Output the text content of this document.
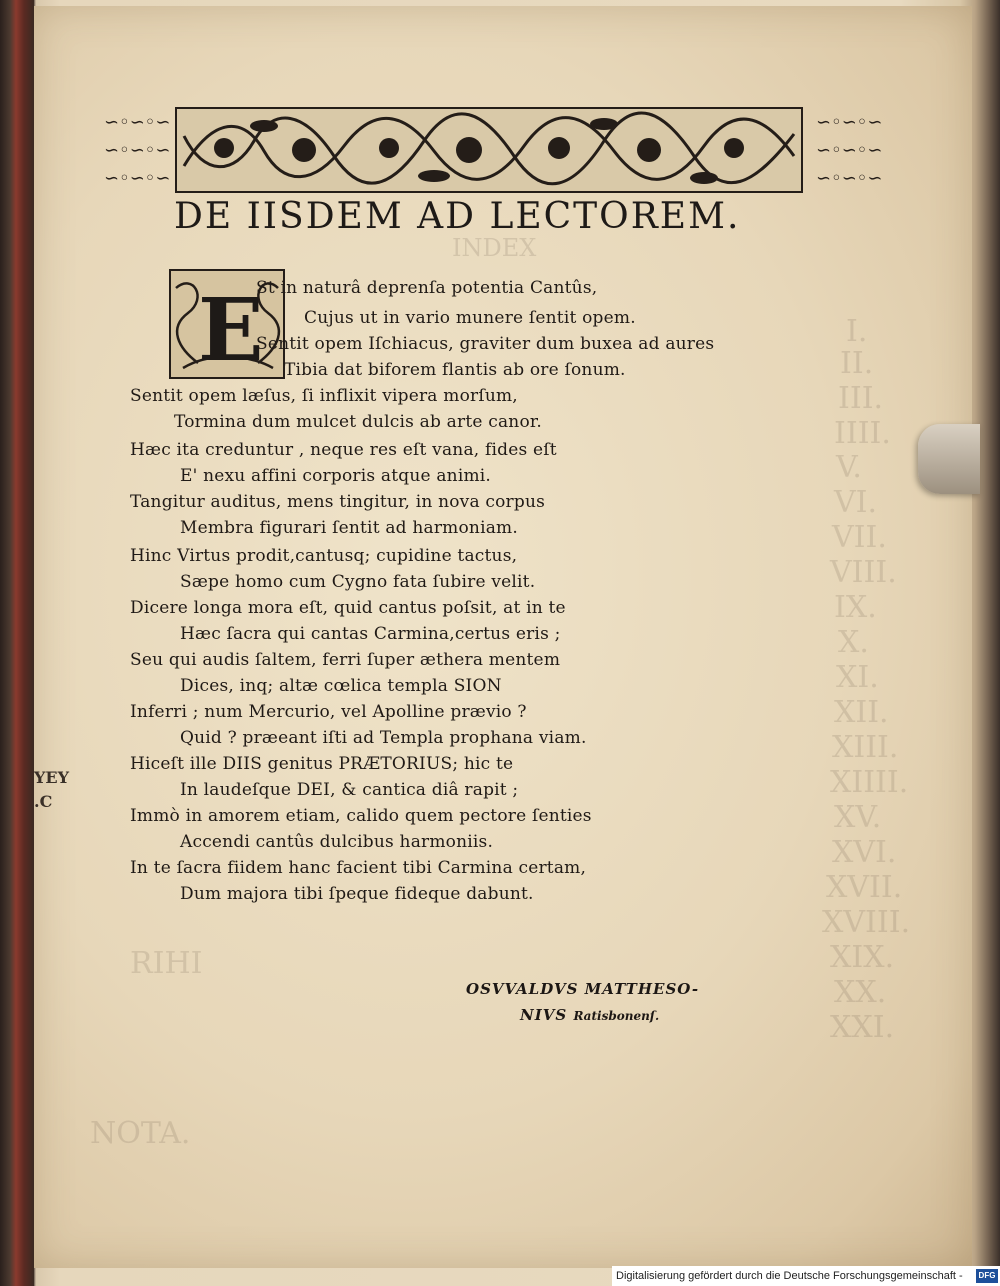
INDEX
I.
II.
III.
IIII.
V.
VI.
VII.
VIII.
IX.
X.
XI.
XII.
XIII.
XIIII.
XV.
XVI.
XVII.
XVIII.
XIX.
XX.
XXI.
RIHI
NOTA.
YEY
.C
∽◦∽◦∽
∽◦∽◦∽
∽◦∽◦∽
∽◦∽◦∽
∽◦∽◦∽
∽◦∽◦∽
DE IISDEM AD LECTOREM.
E
St in naturâ deprenſa potentia Cantûs,
Cujus ut in vario munere ſentit opem.
Sentit opem Iſchiacus, graviter dum buxea ad aures
Tibia dat biforem flantis ab ore ſonum.
Sentit opem læſus, ſi inflixit vipera morſum,
Tormina dum mulcet dulcis ab arte canor.
Hæc ita creduntur , neque res eſt vana, fides eſt
E' nexu affini corporis atque animi.
Tangitur auditus, mens tingitur, in nova corpus
Membra figurari ſentit ad harmoniam.
Hinc Virtus prodit,cantusq; cupidine tactus,
Sæpe homo cum Cygno fata ſubire velit.
Dicere longa mora eſt, quid cantus poſsit, at in te
Hæc ſacra qui cantas Carmina,certus eris ;
Seu qui audis ſaltem, ferri ſuper æthera mentem
Dices, inq; altæ cœlica templa SION
Inferri ; num Mercurio, vel Apolline prævio ?
Quid ? præeant iſti ad Templa prophana viam.
Hiceſt ille DIIS genitus PRÆTORIUS; hic te
In laudeſque DEI, & cantica diâ rapit ;
Immò in amorem etiam, calido quem pectore ſenties
Accendi cantûs dulcibus harmoniis.
In te ſacra fiidem hanc facient tibi Carmina certam,
Dum majora tibi ſpeque fideque dabunt.
OSVVALDVS MATTHESO-
NIVS Ratisbonenſ.
Digitalisierung gefördert durch die Deutsche Forschungsgemeinschaft -	DFG
